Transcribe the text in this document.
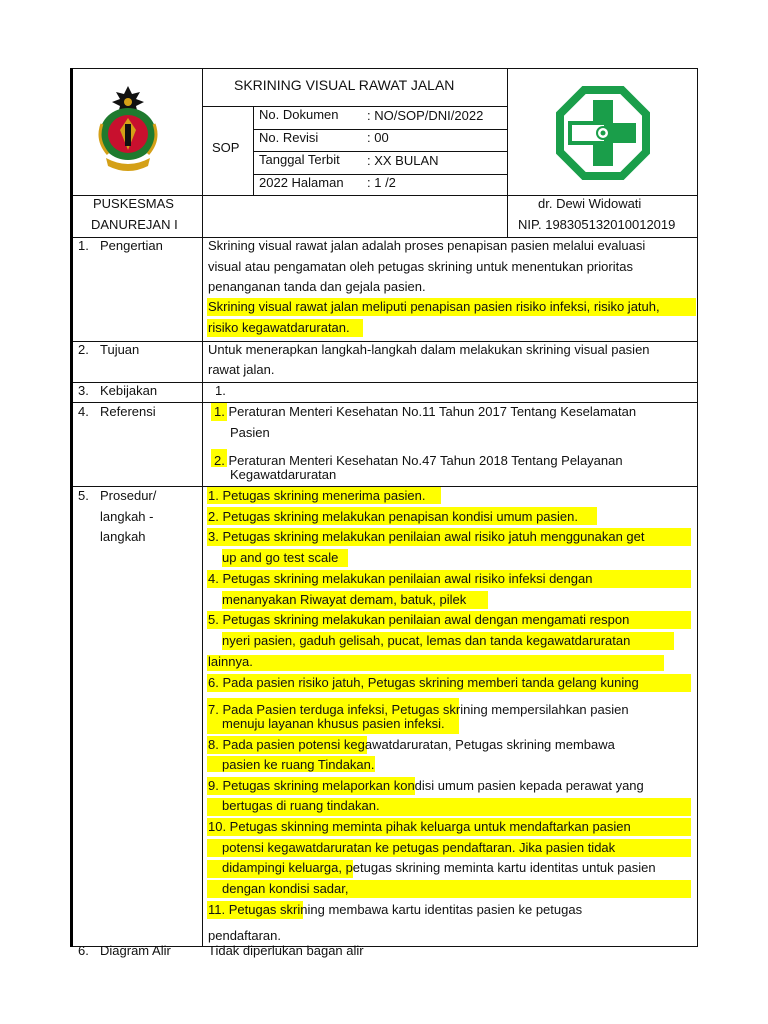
SKRINING VISUAL RAWAT JALAN
SOP
No. Dokumen : NO/SOP/DNI/2022
No. Revisi	: 00
Tanggal Terbit : XX BULAN
2022 Halaman : 1 /2
PUSKESMAS
DANUREJAN I
dr. Dewi Widowati
NIP. 198305132010012019
1. Pengertian	Skrining visual rawat jalan adalah proses penapisan pasien melalui evaluasi
visual atau pengamatan oleh petugas skrining untuk menentukan prioritas
penanganan tanda dan gejala pasien.
Skrining visual rawat jalan meliputi penapisan pasien risiko infeksi, risiko jatuh,
risiko kegawatdaruratan.
2. Tujuan	Untuk menerapkan langkah-langkah dalam melakukan skrining visual pasien
rawat jalan.
3. Kebijakan	1.
4. Referensi	1. Peraturan Menteri Kesehatan No.11 Tahun 2017 Tentang Keselamatan
Pasien
2. Peraturan Menteri Kesehatan No.47 Tahun 2018 Tentang Pelayanan
Kegawatdaruratan
5. Prosedur/
langkah -
langkah
1. Petugas skrining menerima pasien.
2. Petugas skrining melakukan penapisan kondisi umum pasien.
3. Petugas skrining melakukan penilaian awal risiko jatuh menggunakan get
up and go test scale
4. Petugas skrining melakukan penilaian awal risiko infeksi dengan
menanyakan Riwayat demam, batuk, pilek
5. Petugas skrining melakukan penilaian awal dengan mengamati respon
nyeri pasien, gaduh gelisah, pucat, lemas dan tanda kegawatdaruratan
lainnya.
6. Pada pasien risiko jatuh, Petugas skrining memberi tanda gelang kuning
7. Pada Pasien terduga infeksi, Petugas skrining mempersilahkan pasien
menuju layanan khusus pasien infeksi.
8. Pada pasien potensi kegawatdaruratan, Petugas skrining membawa
pasien ke ruang Tindakan.
9. Petugas skrining melaporkan kondisi umum pasien kepada perawat yang
bertugas di ruang tindakan.
10. Petugas skinning meminta pihak keluarga untuk mendaftarkan pasien
potensi kegawatdaruratan ke petugas pendaftaran. Jika pasien tidak
didampingi keluarga, petugas skrining meminta kartu identitas untuk pasien
dengan kondisi sadar,
11. Petugas skrining membawa kartu identitas pasien ke petugas
pendaftaran.
6. Diagram Alir	Tidak diperlukan bagan alir
